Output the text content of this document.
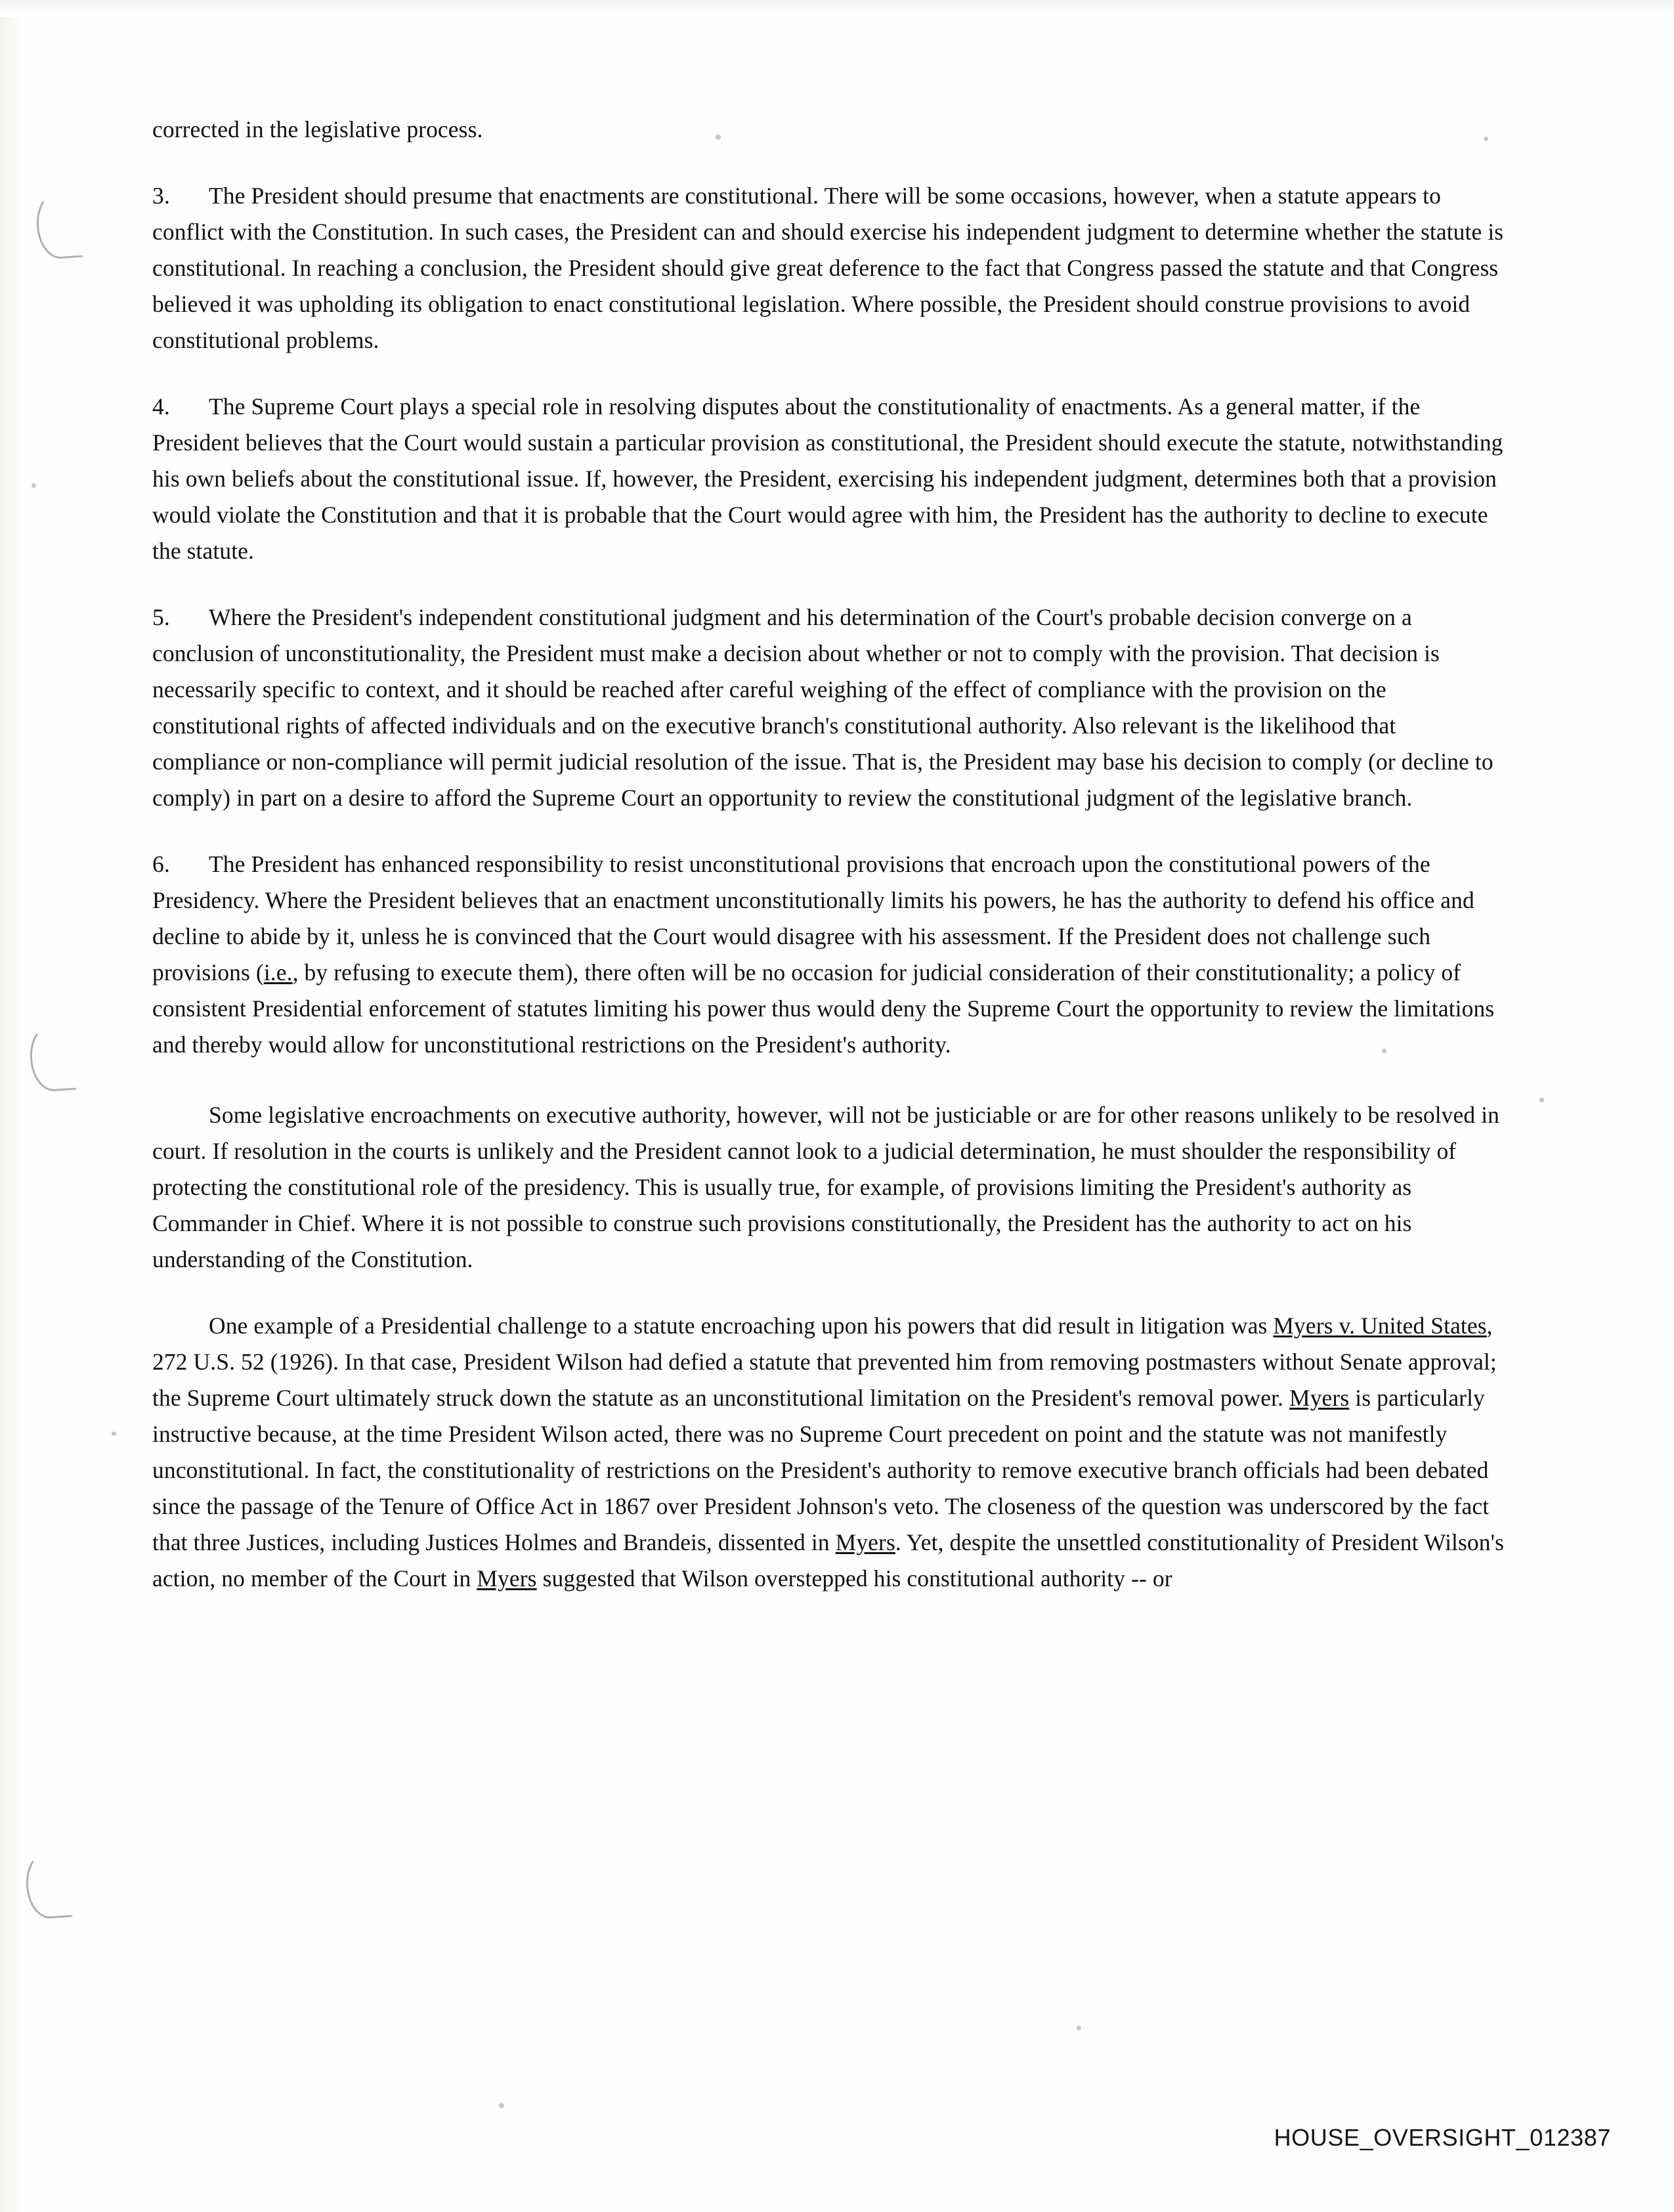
corrected in the legislative process.

3. The President should presume that enactments are constitutional. There will be some occasions, however, when a statute appears to conflict with the Constitution. In such cases, the President can and should exercise his independent judgment to determine whether the statute is constitutional. In reaching a conclusion, the President should give great deference to the fact that Congress passed the statute and that Congress believed it was upholding its obligation to enact constitutional legislation. Where possible, the President should construe provisions to avoid constitutional problems.

4. The Supreme Court plays a special role in resolving disputes about the constitutionality of enactments. As a general matter, if the President believes that the Court would sustain a particular provision as constitutional, the President should execute the statute, notwithstanding his own beliefs about the constitutional issue. If, however, the President, exercising his independent judgment, determines both that a provision would violate the Constitution and that it is probable that the Court would agree with him, the President has the authority to decline to execute the statute.

5. Where the President's independent constitutional judgment and his determination of the Court's probable decision converge on a conclusion of unconstitutionality, the President must make a decision about whether or not to comply with the provision. That decision is necessarily specific to context, and it should be reached after careful weighing of the effect of compliance with the provision on the constitutional rights of affected individuals and on the executive branch's constitutional authority. Also relevant is the likelihood that compliance or non-compliance will permit judicial resolution of the issue. That is, the President may base his decision to comply (or decline to comply) in part on a desire to afford the Supreme Court an opportunity to review the constitutional judgment of the legislative branch.

6. The President has enhanced responsibility to resist unconstitutional provisions that encroach upon the constitutional powers of the Presidency. Where the President believes that an enactment unconstitutionally limits his powers, he has the authority to defend his office and decline to abide by it, unless he is convinced that the Court would disagree with his assessment. If the President does not challenge such provisions (i.e., by refusing to execute them), there often will be no occasion for judicial consideration of their constitutionality; a policy of consistent Presidential enforcement of statutes limiting his power thus would deny the Supreme Court the opportunity to review the limitations and thereby would allow for unconstitutional restrictions on the President's authority.

Some legislative encroachments on executive authority, however, will not be justiciable or are for other reasons unlikely to be resolved in court. If resolution in the courts is unlikely and the President cannot look to a judicial determination, he must shoulder the responsibility of protecting the constitutional role of the presidency. This is usually true, for example, of provisions limiting the President's authority as Commander in Chief. Where it is not possible to construe such provisions constitutionally, the President has the authority to act on his understanding of the Constitution.

One example of a Presidential challenge to a statute encroaching upon his powers that did result in litigation was Myers v. United States, 272 U.S. 52 (1926). In that case, President Wilson had defied a statute that prevented him from removing postmasters without Senate approval; the Supreme Court ultimately struck down the statute as an unconstitutional limitation on the President's removal power. Myers is particularly instructive because, at the time President Wilson acted, there was no Supreme Court precedent on point and the statute was not manifestly unconstitutional. In fact, the constitutionality of restrictions on the President's authority to remove executive branch officials had been debated since the passage of the Tenure of Office Act in 1867 over President Johnson's veto. The closeness of the question was underscored by the fact that three Justices, including Justices Holmes and Brandeis, dissented in Myers. Yet, despite the unsettled constitutionality of President Wilson's action, no member of the Court in Myers suggested that Wilson overstepped his constitutional authority -- or

HOUSE_OVERSIGHT_012387
